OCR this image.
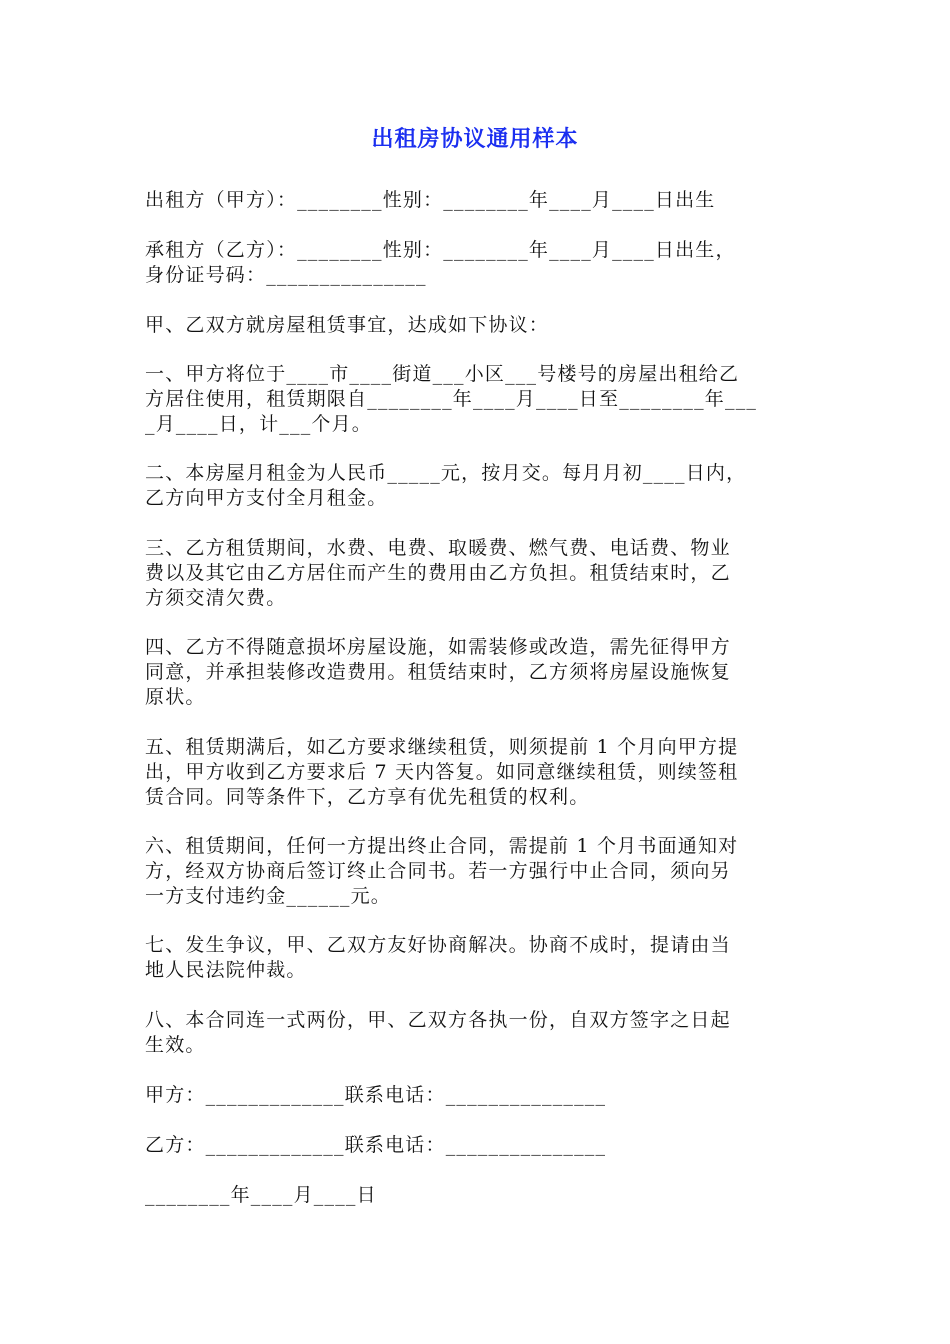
出租房协议通用样本
出租方（甲方）：________性别：________年____月____日出生
承租方（乙方）：________性别：________年____月____日出生，
身份证号码：_______________
甲、乙双方就房屋租赁事宜，达成如下协议：
一、甲方将位于____市____街道___小区___号楼号的房屋出租给乙
方居住使用，租赁期限自________年____月____日至________年___
_月____日，计___个月。
二、本房屋月租金为人民币_____元，按月交。每月月初____日内，
乙方向甲方支付全月租金。
三、乙方租赁期间，水费、电费、取暖费、燃气费、电话费、物业
费以及其它由乙方居住而产生的费用由乙方负担。租赁结束时，乙
方须交清欠费。
四、乙方不得随意损坏房屋设施，如需装修或改造，需先征得甲方
同意，并承担装修改造费用。租赁结束时，乙方须将房屋设施恢复
原状。
五、租赁期满后，如乙方要求继续租赁，则须提前 1 个月向甲方提
出，甲方收到乙方要求后 7 天内答复。如同意继续租赁，则续签租
赁合同。同等条件下，乙方享有优先租赁的权利。
六、租赁期间，任何一方提出终止合同，需提前 1 个月书面通知对
方，经双方协商后签订终止合同书。若一方强行中止合同，须向另
一方支付违约金______元。
七、发生争议，甲、乙双方友好协商解决。协商不成时，提请由当
地人民法院仲裁。
八、本合同连一式两份，甲、乙双方各执一份，自双方签字之日起
生效。
甲方：_____________联系电话：_______________
乙方：_____________联系电话：_______________
________年____月____日
